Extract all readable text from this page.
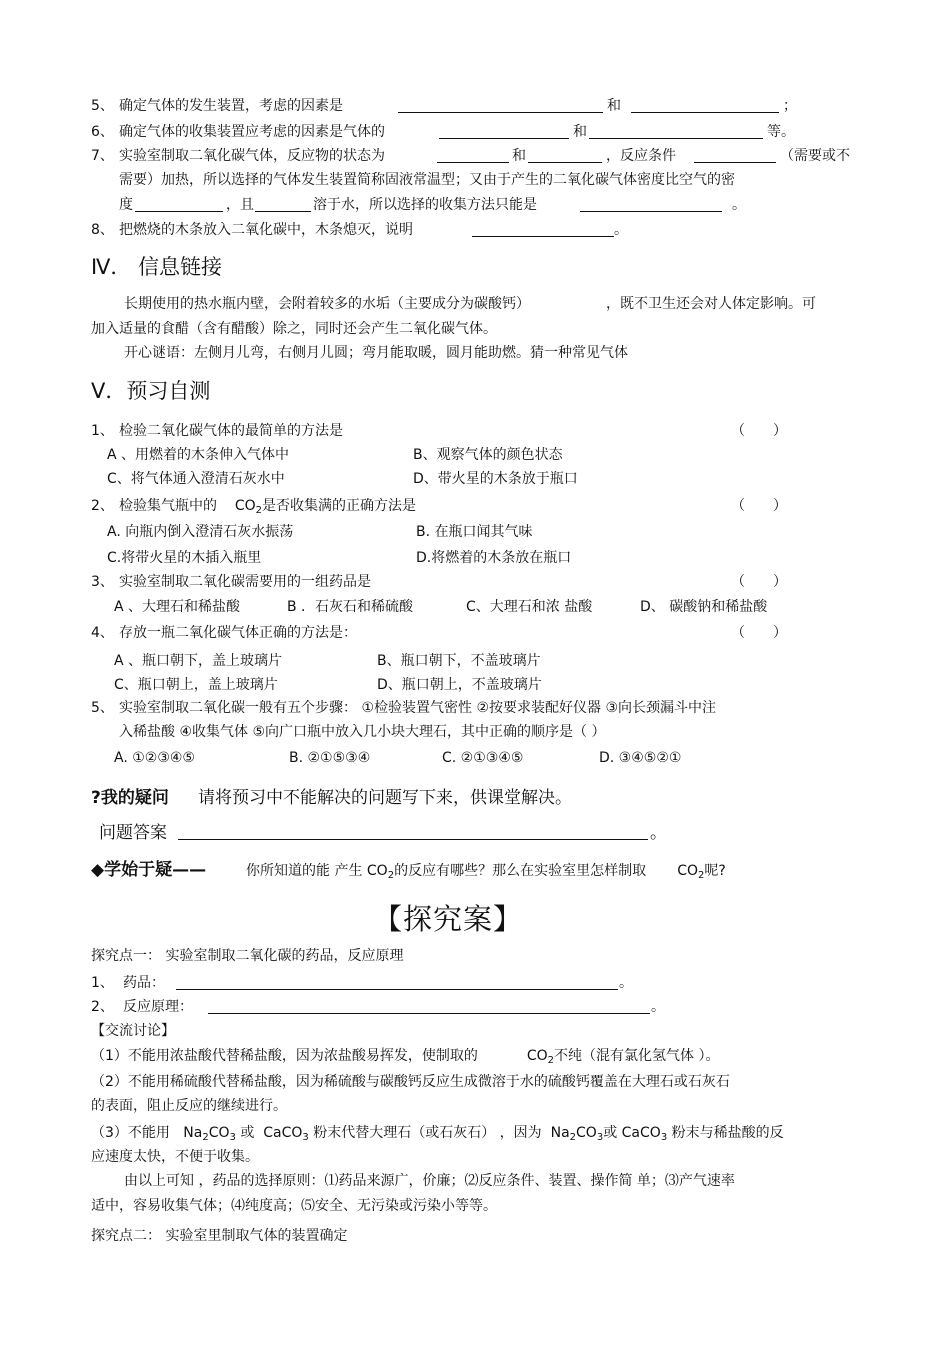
5、 确定气体的发生装置，考虑的因素是	和	；
6、 确定气体的收集装置应考虑的因素是气体的	和	等。
7、 实验室制取二氧化碳气体，反应物的状态为	和	，反应条件	（需要或不
需要）加热，所以选择的气体发生装置简称固液常温型；又由于产生的二氧化碳气体密度比空气的密
度	，且	溶于水，所以选择的收集方法只能是	。
8、 把燃烧的木条放入二氧化碳中，木条熄灭，说明	。
Ⅳ． 信息链接
长期使用的热水瓶内壁，会附着较多的水垢（主要成分为碳酸钙）	，既不卫生还会对人体定影响。可
加入适量的食醋（含有醋酸）除之，同时还会产生二氧化碳气体。
开心谜语：左侧月儿弯，右侧月儿圆；弯月能取暖，圆月能助燃。猜一种常见气体
Ⅴ．预习自测
1、 检验二氧化碳气体的最简单的方法是	（　　）
A 、用燃着的木条伸入气体中	B、观察气体的颜色状态
C、将气体通入澄清石灰水中	D、带火星的木条放于瓶口
2、 检验集气瓶中的 $CO_2$是否收集满的正确方法是	（　　）
A. 向瓶内倒入澄清石灰水振荡	B. 在瓶口闻其气味
C.将带火星的木插入瓶里	D.将燃着的木条放在瓶口
3、 实验室制取二氧化碳需要用的一组药品是	（　　）
A 、大理石和稀盐酸	B ．石灰石和稀硫酸	C、大理石和浓 盐酸	D、 碳酸钠和稀盐酸
4、 存放一瓶二氧化碳气体正确的方法是：	（　　）
A 、瓶口朝下，盖上玻璃片	B、瓶口朝下，不盖玻璃片
C、瓶口朝上，盖上玻璃片	D、瓶口朝上，不盖玻璃片
5、 实验室制取二氧化碳一般有五个步骤： ①检验装置气密性 ②按要求装配好仪器 ③向长颈漏斗中注
入稀盐酸 ④收集气体 ⑤向广口瓶中放入几小块大理石，其中正确的顺序是（ ）
A. ①②③④⑤	B. ②①⑤③④	C. ②①③④⑤	D. ③④⑤②①
?我的疑问 请将预习中不能解决的问题写下来，供课堂解决。
问题答案	。
◆学始于疑——	你所知道的能 产生 $CO_2$的反应有哪些？那么在实验室里怎样制取 $CO_2$呢?
【探究案】
探究点一： 实验室制取二氧化碳的药品，反应原理
1、 药品：	。
2、 反应原理：	。
【交流讨论】
（1）不能用浓盐酸代替稀盐酸，因为浓盐酸易挥发，使制取的	$CO_2$不纯（混有氯化氢气体 ）。
（2）不能用稀硫酸代替稀盐酸，因为稀硫酸与碳酸钙反应生成微溶于水的硫酸钙覆盖在大理石或石灰石
的表面，阻止反应的继续进行。
（3）不能用 $Na_2CO_3$ 或 CaCO$_3$ 粉末代替大理石（或石灰石） ，因为 $Na_2CO_3$或 CaCO$_3$ 粉末与稀盐酸的反
应速度太快，不便于收集。
由以上可知 ，药品的选择原则：⑴药品来源广，价廉；⑵反应条件、装置、操作简 单；⑶产气速率
适中，容易收集气体；⑷纯度高；⑸安全、无污染或污染小等等。
探究点二： 实验室里制取气体的装置确定
